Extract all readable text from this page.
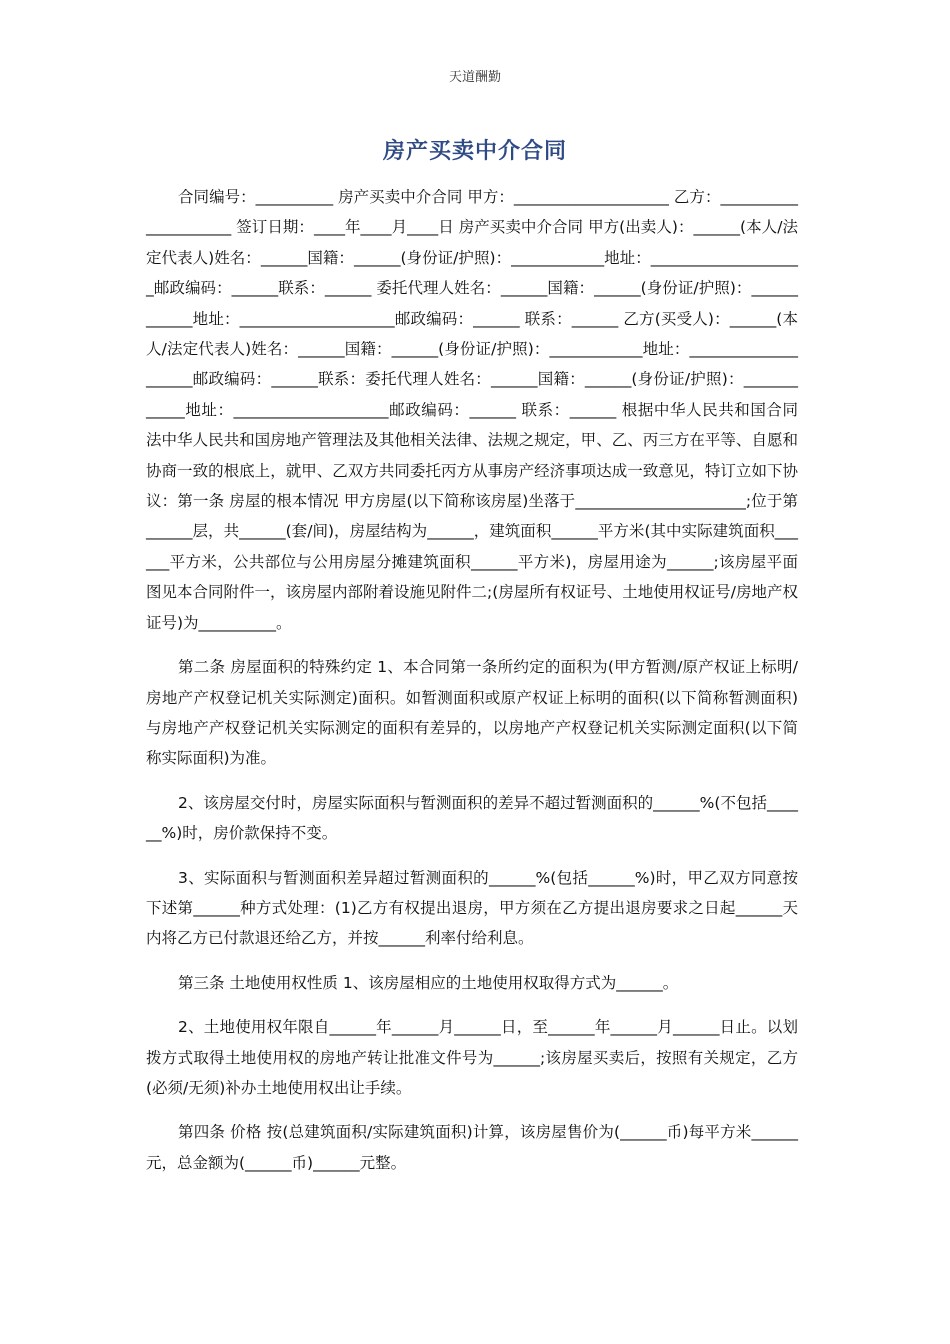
天道酬勤
房产买卖中介合同

合同编号：__________ 房产买卖中介合同 甲方：____________________ 乙方：_____________________ 签订日期：____年____月____日 房产买卖中介合同 甲方(出卖人)：______(本人/法定代表人)姓名：______国籍：______(身份证/护照)：____________地址：____________________邮政编码：______联系：______ 委托代理人姓名：______国籍：______(身份证/护照)：____________地址：____________________邮政编码：______ 联系：______ 乙方(买受人)：______(本人/法定代表人)姓名：______国籍：______(身份证/护照)：____________地址：____________________邮政编码：______联系：委托代理人姓名：______国籍：______(身份证/护照)：____________地址：____________________邮政编码：______ 联系：______ 根据中华人民共和国合同法中华人民共和国房地产管理法及其他相关法律、法规之规定，甲、乙、丙三方在平等、自愿和协商一致的根底上，就甲、乙双方共同委托丙方从事房产经济事项达成一致意见，特订立如下协议：第一条 房屋的根本情况 甲方房屋(以下简称该房屋)坐落于______________________;位于第______层，共______(套/间)，房屋结构为______，建筑面积______平方米(其中实际建筑面积______平方米，公共部位与公用房屋分摊建筑面积______平方米)，房屋用途为______;该房屋平面图见本合同附件一，该房屋内部附着设施见附件二;(房屋所有权证号、土地使用权证号/房地产权证号)为__________。

第二条 房屋面积的特殊约定 1、本合同第一条所约定的面积为(甲方暂测/原产权证上标明/房地产产权登记机关实际测定)面积。如暂测面积或原产权证上标明的面积(以下简称暂测面积)与房地产产权登记机关实际测定的面积有差异的，以房地产产权登记机关实际测定面积(以下简称实际面积)为准。

2、该房屋交付时，房屋实际面积与暂测面积的差异不超过暂测面积的______%(不包括______%)时，房价款保持不变。

3、实际面积与暂测面积差异超过暂测面积的______%(包括______%)时，甲乙双方同意按下述第______种方式处理：(1)乙方有权提出退房，甲方须在乙方提出退房要求之日起______天内将乙方已付款退还给乙方，并按______利率付给利息。

第三条 土地使用权性质 1、该房屋相应的土地使用权取得方式为______。

2、土地使用权年限自______年______月______日，至______年______月______日止。以划拨方式取得土地使用权的房地产转让批准文件号为______;该房屋买卖后，按照有关规定，乙方(必须/无须)补办土地使用权出让手续。

第四条 价格 按(总建筑面积/实际建筑面积)计算，该房屋售价为(______币)每平方米______元，总金额为(______币)______元整。
